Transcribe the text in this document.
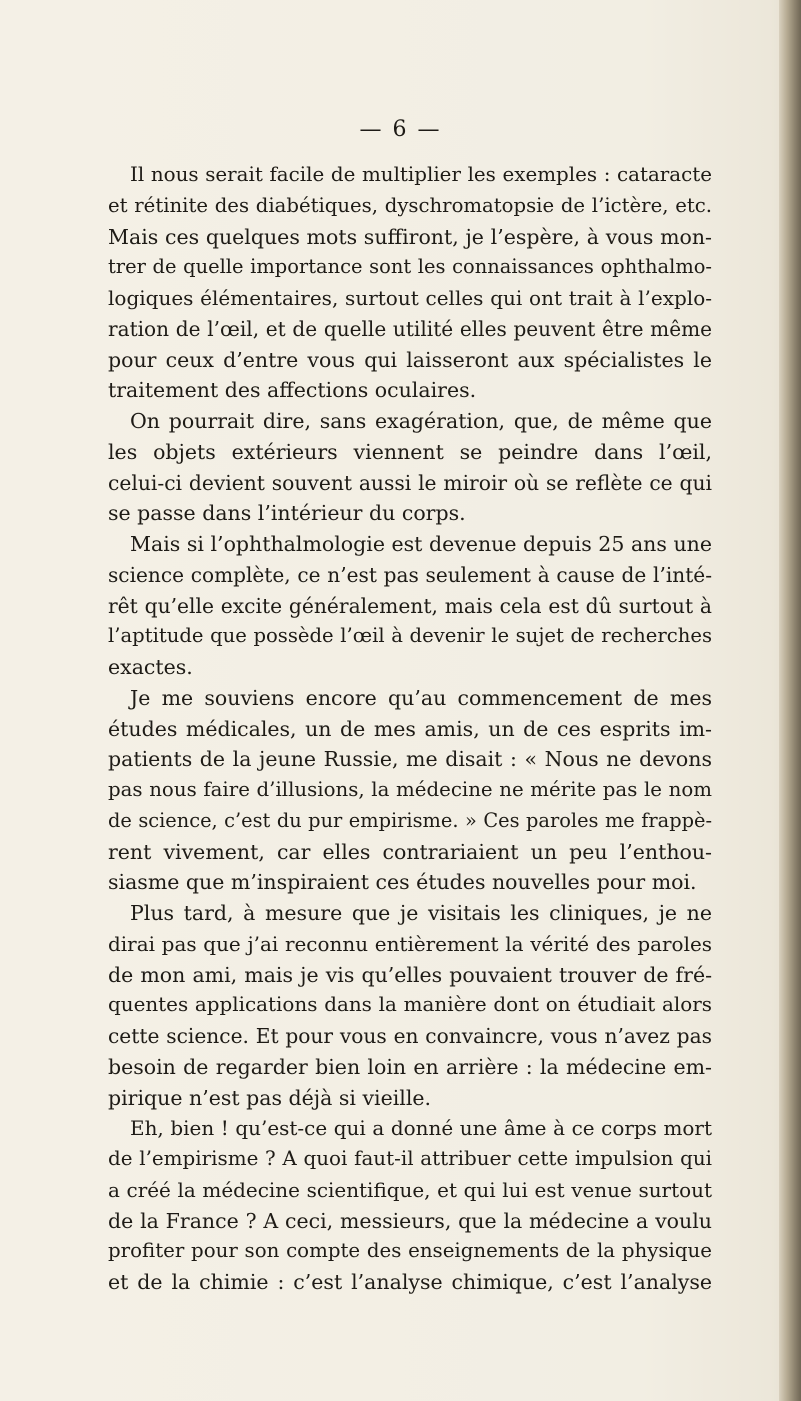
— 6 —
Il nous serait facile de multiplier les exemples : cataracte
et rétinite des diabétiques, dyschromatopsie de l’ictère, etc.
Mais ces quelques mots suffiront, je l’espère, à vous mon-
trer de quelle importance sont les connaissances ophthalmo-
logiques élémentaires, surtout celles qui ont trait à l’explo-
ration de l’œil, et de quelle utilité elles peuvent être même
pour ceux d’entre vous qui laisseront aux spécialistes le
traitement des affections oculaires.
On pourrait dire, sans exagération, que, de même que
les objets extérieurs viennent se peindre dans l’œil,
celui-ci devient souvent aussi le miroir où se reflète ce qui
se passe dans l’intérieur du corps.
Mais si l’ophthalmologie est devenue depuis 25 ans une
science complète, ce n’est pas seulement à cause de l’inté-
rêt qu’elle excite généralement, mais cela est dû surtout à
l’aptitude que possède l’œil à devenir le sujet de recherches
exactes.
Je me souviens encore qu’au commencement de mes
études médicales, un de mes amis, un de ces esprits im-
patients de la jeune Russie, me disait : « Nous ne devons
pas nous faire d’illusions, la médecine ne mérite pas le nom
de science, c’est du pur empirisme. » Ces paroles me frappè-
rent vivement, car elles contrariaient un peu l’enthou-
siasme que m’inspiraient ces études nouvelles pour moi.
Plus tard, à mesure que je visitais les cliniques, je ne
dirai pas que j’ai reconnu entièrement la vérité des paroles
de mon ami, mais je vis qu’elles pouvaient trouver de fré-
quentes applications dans la manière dont on étudiait alors
cette science. Et pour vous en convaincre, vous n’avez pas
besoin de regarder bien loin en arrière : la médecine em-
pirique n’est pas déjà si vieille.
Eh, bien ! qu’est-ce qui a donné une âme à ce corps mort
de l’empirisme ? A quoi faut-il attribuer cette impulsion qui
a créé la médecine scientifique, et qui lui est venue surtout
de la France ? A ceci, messieurs, que la médecine a voulu
profiter pour son compte des enseignements de la physique
et de la chimie : c’est l’analyse chimique, c’est l’analyse
